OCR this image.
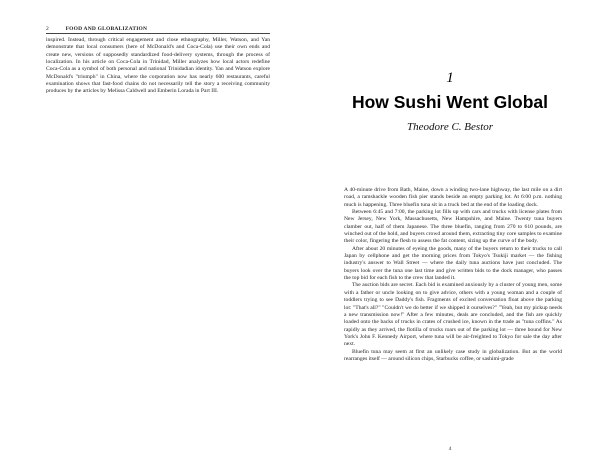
2	FOOD AND GLOBALIZATION

inspired. Instead, through critical engagement and close ethnography, Miller, Watson, and Yan demonstrate that local consumers (here of McDonald's and Coca-Cola) use their own ends and create new, versions of supposedly standardized food-delivery systems, through the process of localization. In his article on Coca-Cola in Trinidad, Miller analyzes how local actors redefine Coca-Cola as a symbol of both personal and national Trinidadian identity. Yan and Watson explore McDonald's "triumph" in China, where the corporation now has nearly 600 restaurants, careful examination shows that fast-food chains do not necessarily tell the story a receiving community produces by the articles by Melissa Caldwell and Emberin Lorada in Part III.

1
How Sushi Went Global
Theodore C. Bestor

A 40-minute drive from Bath, Maine, down a winding two-lane highway, the last mile on a dirt road, a ramshackle wooden fish pier stands beside an empty parking lot. At 6:00 p.m. nothing much is happening. Three bluefin tuna sit in a truck bed at the end of the loading dock.

Between 6:45 and 7:00, the parking lot fills up with cars and trucks with license plates from New Jersey, New York, Massachusetts, New Hampshire, and Maine. Twenty tuna buyers clamber out, half of them Japanese. The three bluefin, ranging from 270 to 610 pounds, are winched out of the hold, and buyers crowd around them, extracting tiny core samples to examine their color, fingering the flesh to assess the fat content, sizing up the curve of the body.

After about 20 minutes of eyeing the goods, many of the buyers return to their trucks to call Japan by cellphone and get the morning prices from Tokyo's Tsukiji market — the fishing industry's answer to Wall Street — where the daily tuna auctions have just concluded. The buyers look over the tuna one last time and give written bids to the dock manager, who passes the top bid for each fish to the crew that landed it.

The auction bids are secret. Each bid is examined anxiously by a cluster of young men, some with a father or uncle looking on to give advice, others with a young woman and a couple of toddlers trying to see Daddy's fish. Fragments of excited conversation float above the parking lot: "That's all?" "Couldn't we do better if we shipped it ourselves?" "Yeah, but my pickup needs a new transmission now!" After a few minutes, deals are concluded, and the fish are quickly loaded onto the backs of trucks in crates of crushed ice, known in the trade as "tuna coffins." As rapidly as they arrived, the flotilla of trucks roars out of the parking lot — three bound for New York's John F. Kennedy Airport, where tuna will be air-freighted to Tokyo for sale the day after next.

Bluefin tuna may seem at first an unlikely case study in globalization. But as the world rearranges itself — around silicon chips, Starbucks coffee, or sashimi-grade

4
